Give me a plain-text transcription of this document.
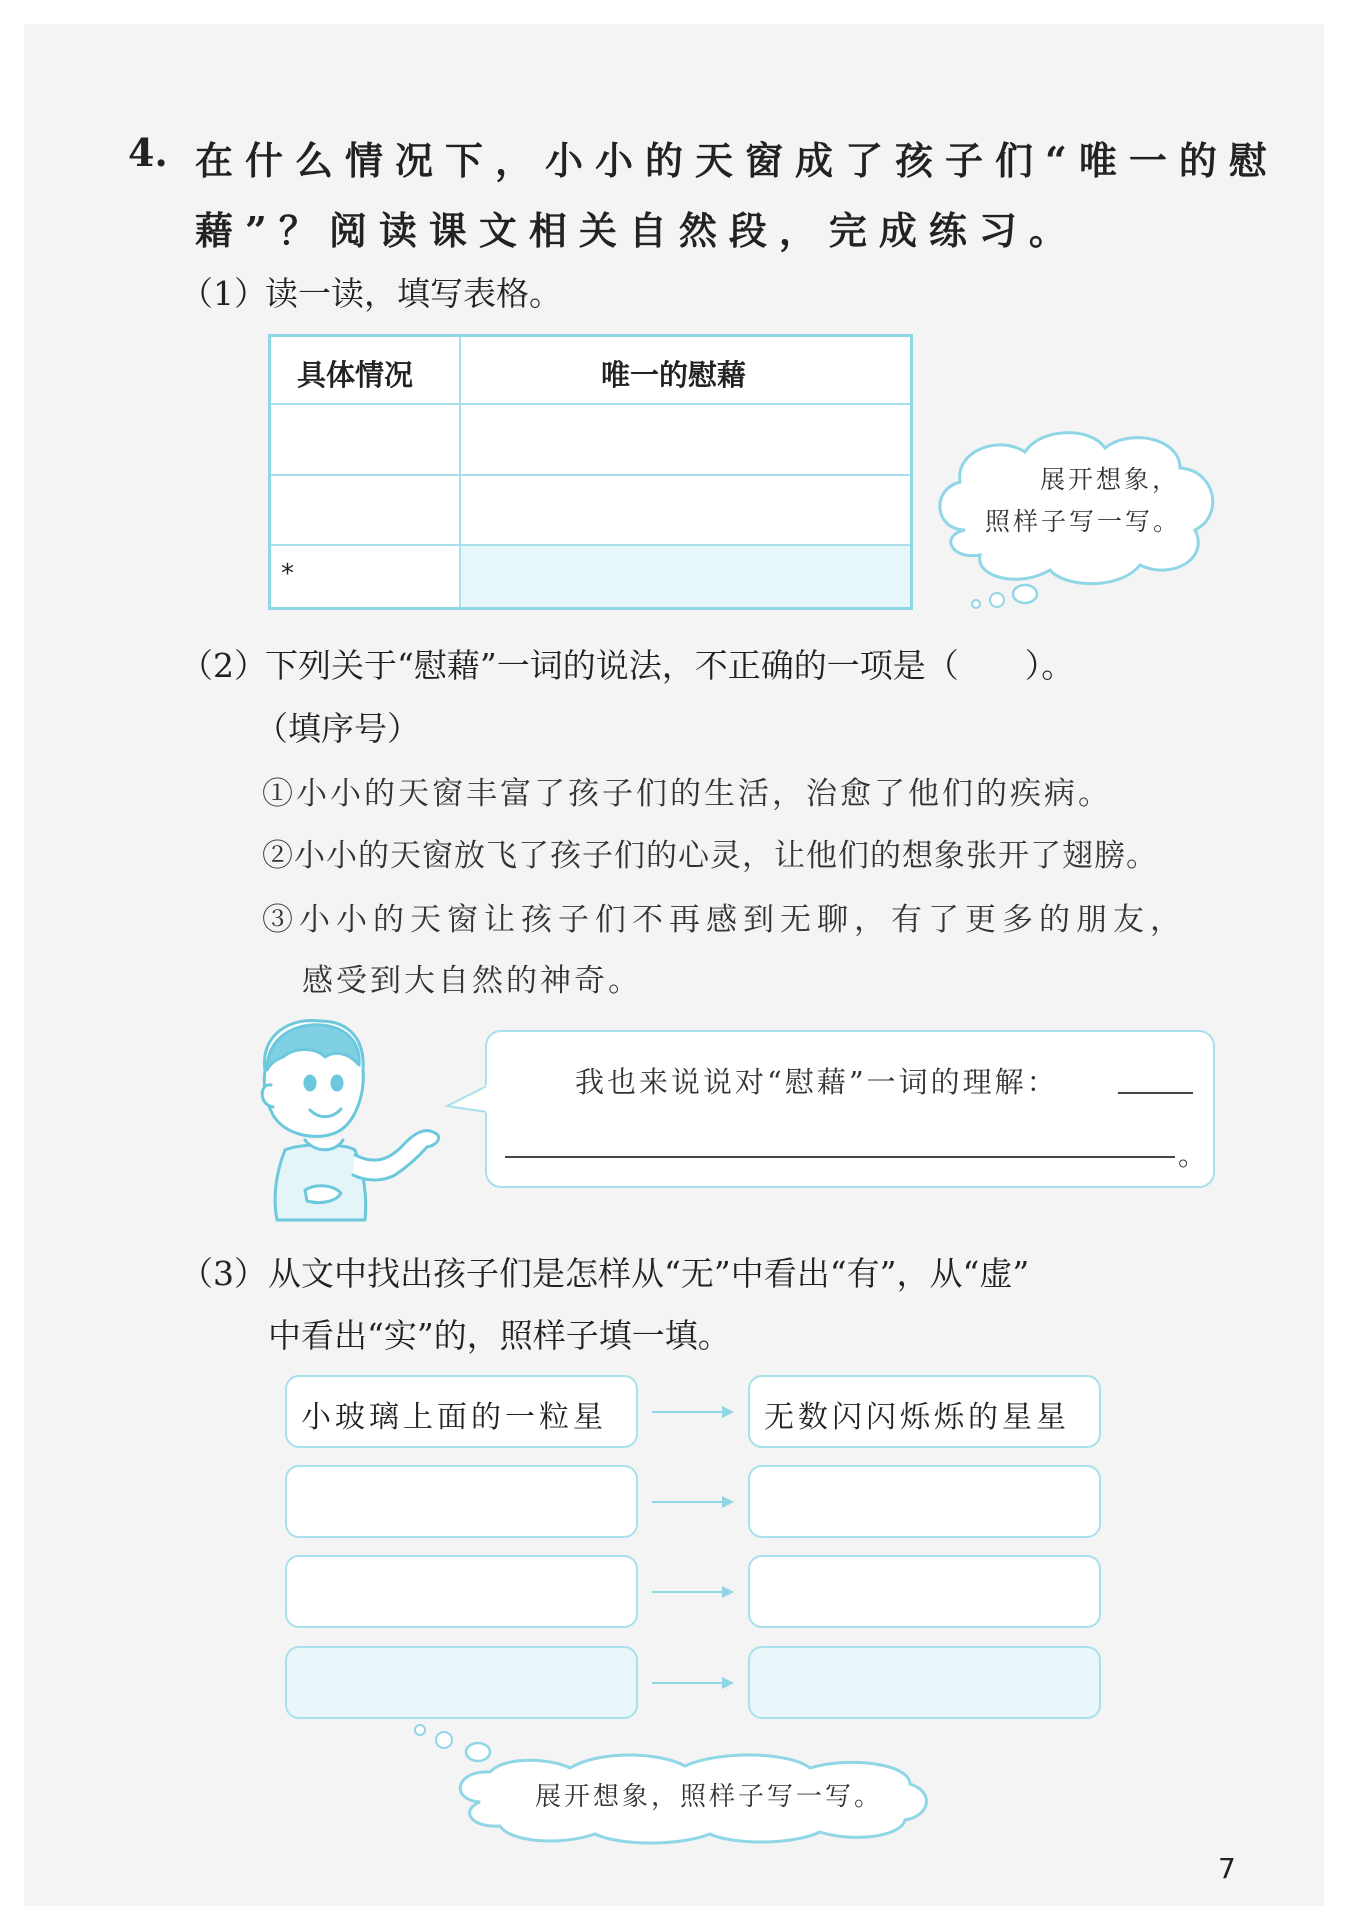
4. 在什么情况下，小小的天窗成了孩子们“唯一的慰
藉”？阅读课文相关自然段，完成练习。
（1）
读一读，填写表格。
具体情况	唯一的慰藉
*
展开想象，
照样子写一写。
（2）
下列关于“慰藉”一词的说法，不正确的一项是（　　）。
（填序号）
①小小的天窗丰富了孩子们的生活，治愈了他们的疾病。
②小小的天窗放飞了孩子们的心灵，让他们的想象张开了翅膀。
③小小的天窗让孩子们不再感到无聊，有了更多的朋友，
感受到大自然的神奇。
我也来说说对“慰藉”一词的理解：
。
（3） 从文中找出孩子们是怎样从“无”中看出“有”，从“虚”
中看出“实”的，照样子填一填。
小玻璃上面的一粒星	无数闪闪烁烁的星星
展开想象，照样子写一写。
7
